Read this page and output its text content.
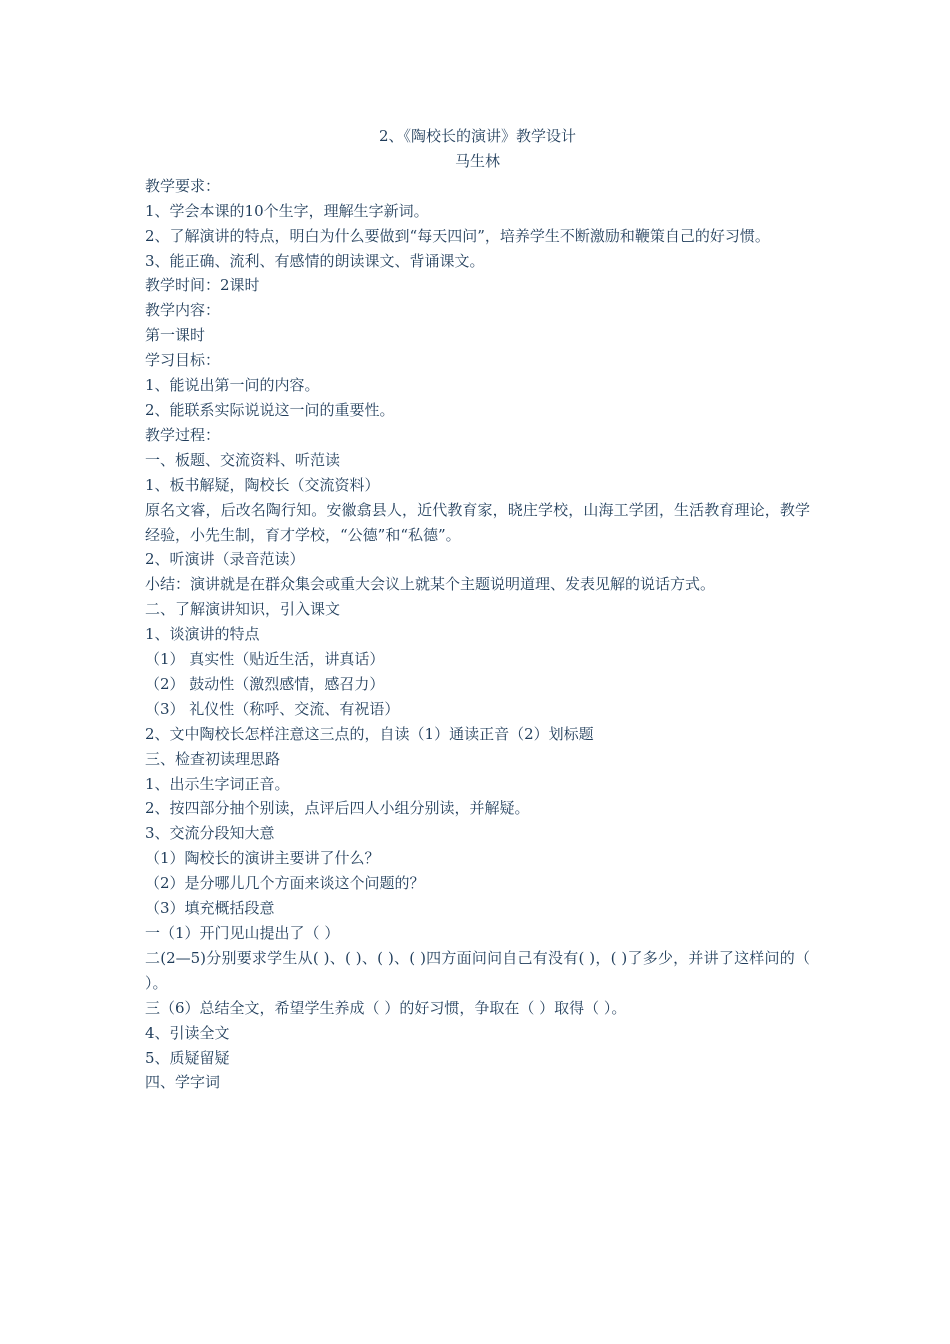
2、《陶校长的演讲》教学设计

马生林

教学要求：

1、学会本课的10个生字，理解生字新词。

2、了解演讲的特点，明白为什么要做到“每天四问”，培养学生不断激励和鞭策自己的好习惯。

3、能正确、流利、有感情的朗读课文、背诵课文。

教学时间：2课时

教学内容：

第一课时

学习目标：

1、能说出第一问的内容。

2、能联系实际说说这一问的重要性。

教学过程：

一、板题、交流资料、听范读

1、板书解疑，陶校长（交流资料）

原名文睿，后改名陶行知。安徽翕县人，近代教育家，晓庄学校，山海工学团，生活教育理论，教学经验，小先生制，育才学校，“公德”和“私德”。

2、听演讲（录音范读）

小结：演讲就是在群众集会或重大会议上就某个主题说明道理、发表见解的说话方式。

二、了解演讲知识，引入课文

1、谈演讲的特点

（1） 真实性（贴近生活，讲真话）

（2） 鼓动性（激烈感情，感召力）

（3） 礼仪性（称呼、交流、有祝语）

2、文中陶校长怎样注意这三点的，自读（1）通读正音（2）划标题

三、检查初读理思路

1、出示生字词正音。

2、按四部分抽个别读，点评后四人小组分别读，并解疑。

3、交流分段知大意

（1）陶校长的演讲主要讲了什么？

（2）是分哪儿几个方面来谈这个问题的？

（3）填充概括段意

一（1）开门见山提出了（ ）

二(2—5)分别要求学生从( )、( )、( )、( )四方面问问自己有没有( )，( )了多少，并讲了这样问的（ ）。

三（6）总结全文，希望学生养成（ ）的好习惯，争取在（ ）取得（ ）。

4、引读全文

5、质疑留疑

四、学字词
